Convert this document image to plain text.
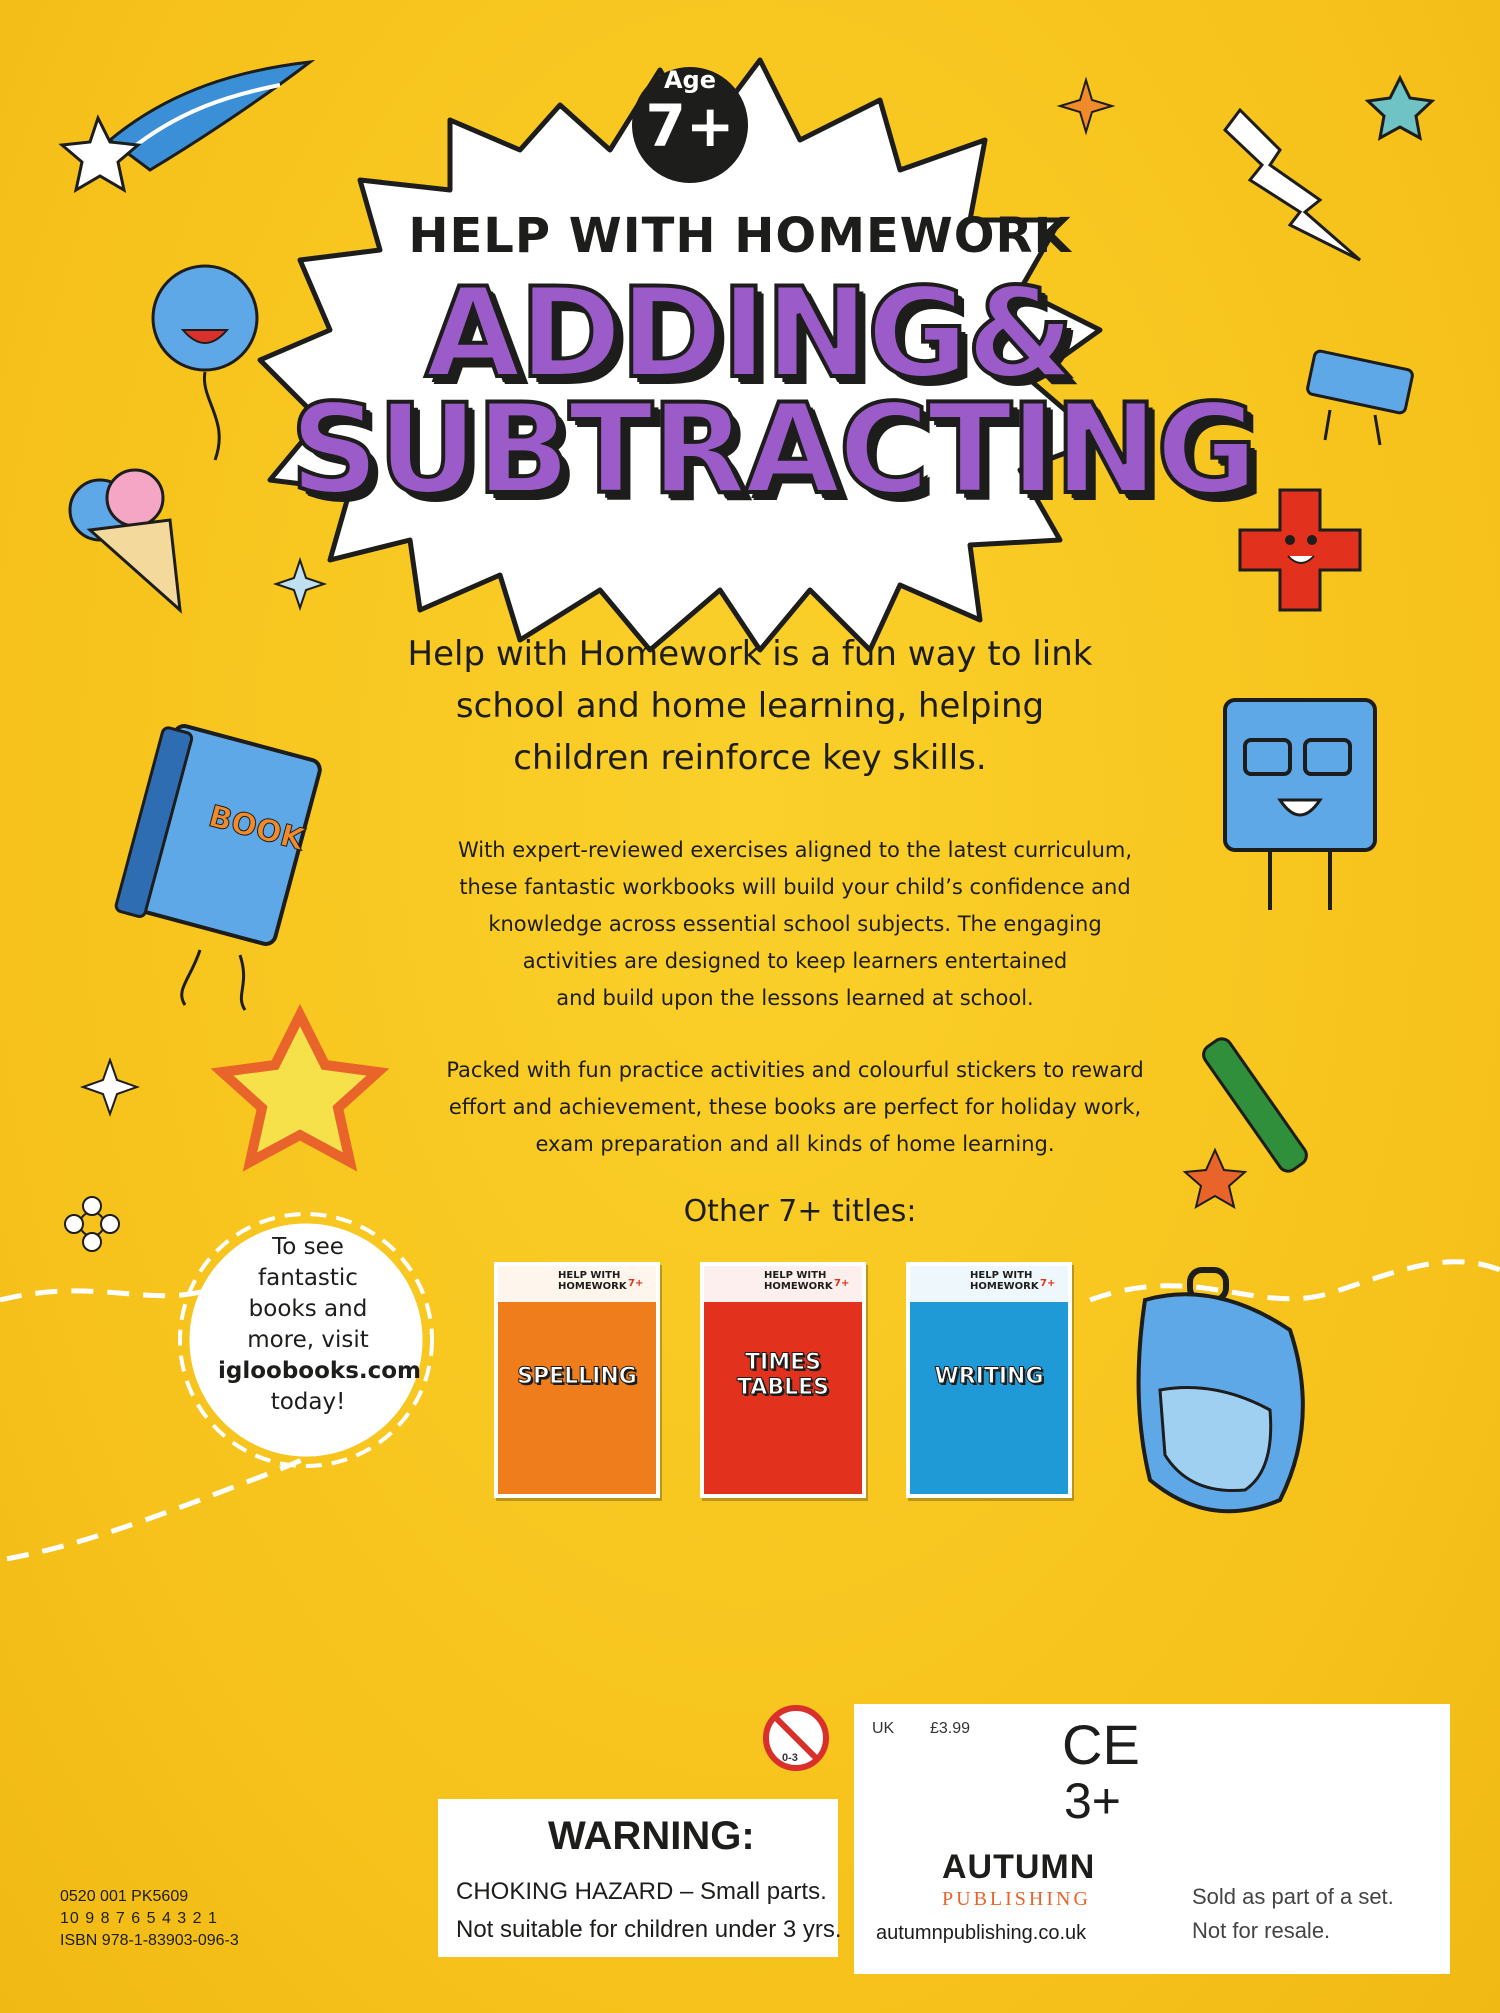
BOOK
Age
7+
HELP WITH HOMEWORK
ADDING&
SUBTRACTING
Help with Homework is a fun way to link
school and home learning, helping
children reinforce key skills.
With expert-reviewed exercises aligned to the latest curriculum,
these fantastic workbooks will build your child’s confidence and
knowledge across essential school subjects. The engaging
activities are designed to keep learners entertained
and build upon the lessons learned at school.
Packed with fun practice activities and colourful stickers to reward
effort and achievement, these books are perfect for holiday work,
exam preparation and all kinds of home learning.
Other 7+ titles:
HELP WITH HOMEWORK 7+
SPELLING
HELP WITH HOMEWORK 7+
TIMES TABLES
HELP WITH HOMEWORK 7+
WRITING
To see
fantastic
books and
more, visit
igloobooks.com
today!
0-3
WARNING:
CHOKING HAZARD – Small parts.
Not suitable for children under 3 yrs.
UK £3.99 CE
3+
AUTUMN
PUBLISHING
autumnpublishing.co.uk
Sold as part of a set.
Not for resale.
0520 001 PK5609
10 9 8 7 6 5 4 3 2 1
ISBN 978-1-83903-096-3
